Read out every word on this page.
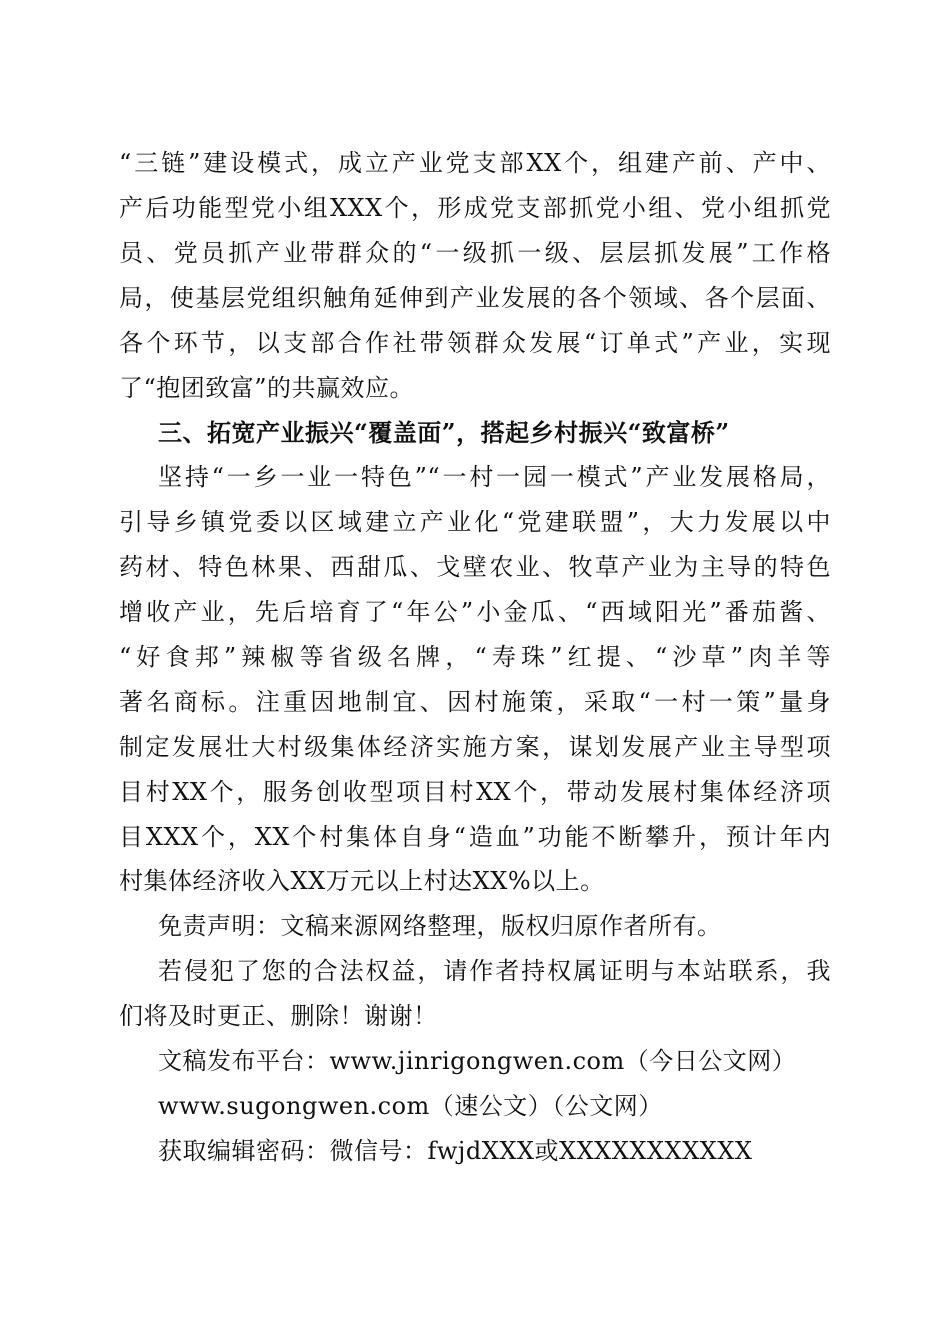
“三链”建设模式，成立产业党支部XX个，组建产前、产中、
产后功能型党小组XXX个，形成党支部抓党小组、党小组抓党
员、党员抓产业带群众的“一级抓一级、层层抓发展”工作格
局，使基层党组织触角延伸到产业发展的各个领域、各个层面、
各个环节，以支部合作社带领群众发展“订单式”产业，实现
了“抱团致富”的共赢效应。
三、拓宽产业振兴“覆盖面”，搭起乡村振兴“致富桥”
坚持“一乡一业一特色”“一村一园一模式”产业发展格局，
引导乡镇党委以区域建立产业化“党建联盟”，大力发展以中
药材、特色林果、西甜瓜、戈壁农业、牧草产业为主导的特色
增收产业，先后培育了“年公”小金瓜、“西域阳光”番茄酱、
“好食邦”辣椒等省级名牌，“寿珠”红提、“沙草”肉羊等
著名商标。注重因地制宜、因村施策，采取“一村一策”量身
制定发展壮大村级集体经济实施方案，谋划发展产业主导型项
目村XX个，服务创收型项目村XX个，带动发展村集体经济项
目XXX个，XX个村集体自身“造血”功能不断攀升，预计年内
村集体经济收入XX万元以上村达XX%以上。
免责声明：文稿来源网络整理，版权归原作者所有。
若侵犯了您的合法权益，请作者持权属证明与本站联系，我
们将及时更正、删除！谢谢！
文稿发布平台：www.jinrigongwen.com（今日公文网）
www.sugongwen.com（速公文）（公文网）
获取编辑密码：微信号：fwjdXXX或XXXXXXXXXXX
